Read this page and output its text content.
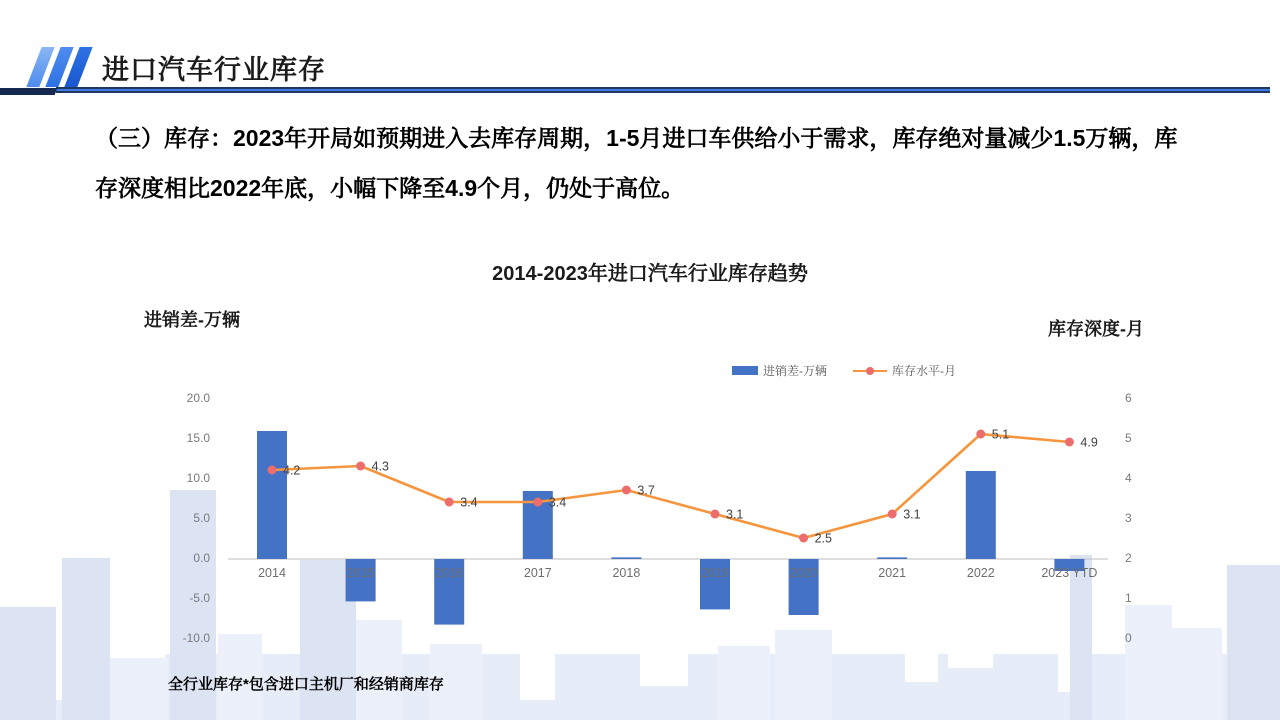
进口汽车行业库存
（三）库存：2023年开局如预期进入去库存周期，1-5月进口车供给小于需求，库存绝对量减少1.5万辆，库存深度相比2022年底，小幅下降至4.9个月，仍处于高位。
2014-2023年进口汽车行业库存趋势
进销差-万辆	库存深度-月
进销差-万辆	库存水平-月
20.0
15.0
10.0
5.0
0.0
-5.0
-10.0
6
5
4
3
2
1
0
2014	2015	2016	2017	2018	2019	2020	2021	2022	2023 YTD
4.2	4.3
3.4	3.4
3.7
3.1
2.5
3.1
5.1
4.9
全行业库存*包含进口主机厂和经销商库存
